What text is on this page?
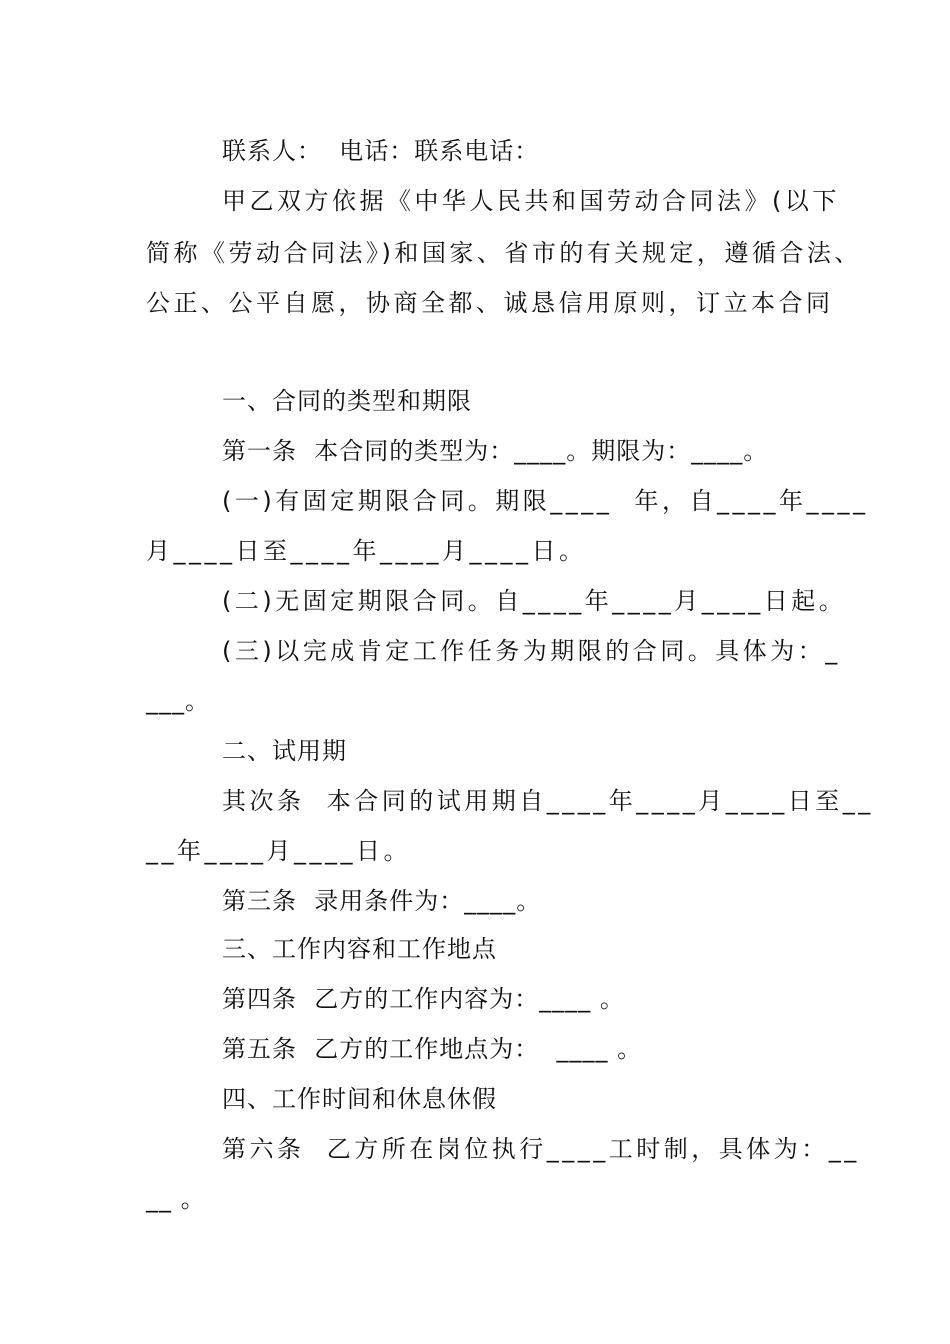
联系人：  电话：联系电话：
甲乙双方依据《中华人民共和国劳动合同法》(以下
简称《劳动合同法》)和国家、省市的有关规定，遵循合法、
公正、公平自愿，协商全都、诚恳信用原则，订立本合同
一、合同的类型和期限
第一条  本合同的类型为：____。期限为：____。
(一)有固定期限合同。期限____  年，自____年____
月____日至____年____月____日。
(二)无固定期限合同。自____年____月____日起。
(三)以完成肯定工作任务为期限的合同。具体为：_
___。
二、试用期
其次条  本合同的试用期自____年____月____日至__
__年____月____日。
第三条  录用条件为：____。
三、工作内容和工作地点
第四条  乙方的工作内容为：____ 。
第五条  乙方的工作地点为：  ____ 。
四、工作时间和休息休假
第六条  乙方所在岗位执行____工时制，具体为：__
__ 。
